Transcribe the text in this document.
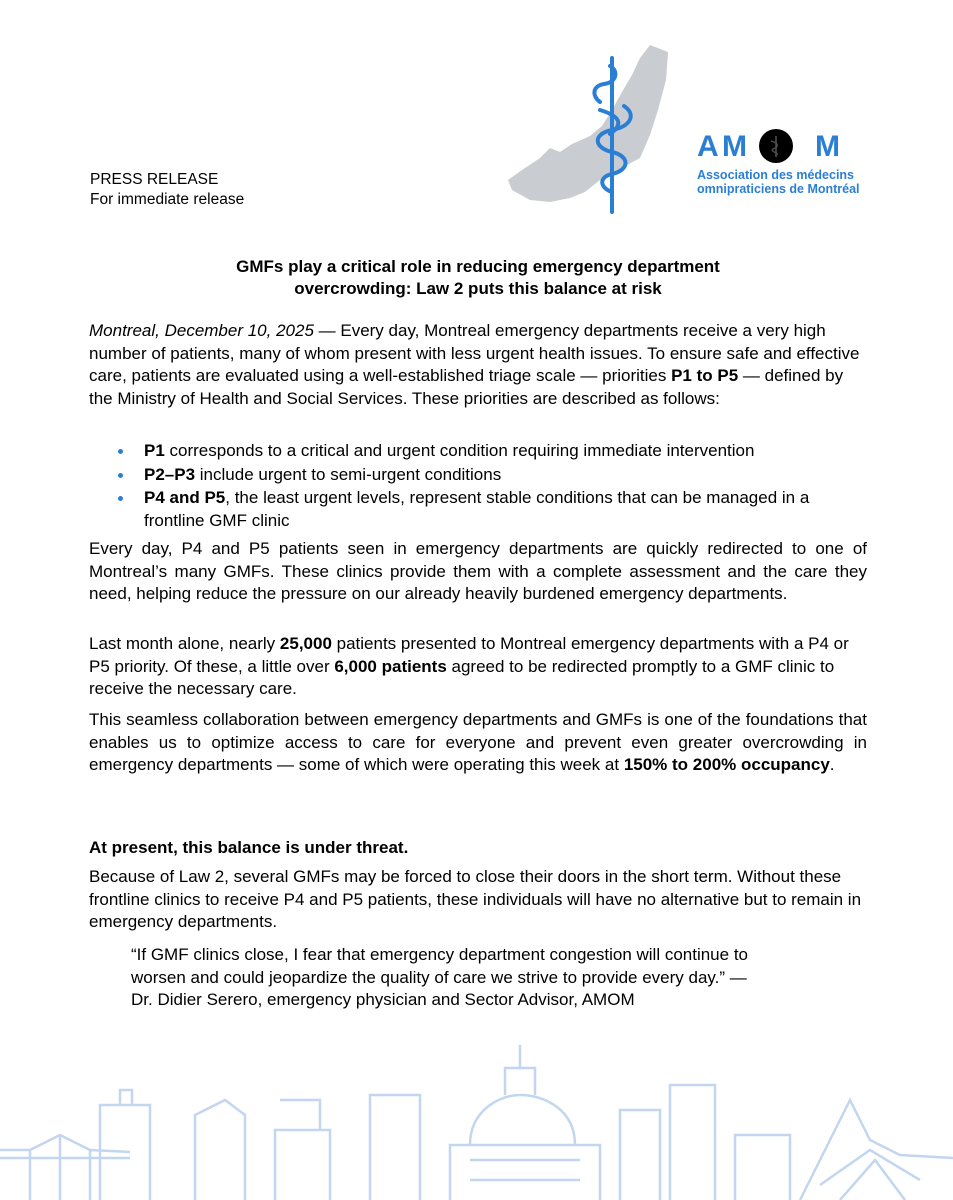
A M M
Association des médecins
omnipraticiens de Montréal
PRESS RELEASE
For immediate release
GMFs play a critical role in reducing emergency department
overcrowding: Law 2 puts this balance at risk

Montreal, December 10, 2025 — Every day, Montreal emergency departments receive a very high number of patients, many of whom present with less urgent health issues. To ensure safe and effective care, patients are evaluated using a well-established triage scale — priorities P1 to P5 — defined by the Ministry of Health and Social Services. These priorities are described as follows:

P1 corresponds to a critical and urgent condition requiring immediate intervention
P2–P3 include urgent to semi-urgent conditions
P4 and P5, the least urgent levels, represent stable conditions that can be managed in a frontline GMF clinic

Every day, P4 and P5 patients seen in emergency departments are quickly redirected to one of Montreal’s many GMFs. These clinics provide them with a complete assessment and the care they need, helping reduce the pressure on our already heavily burdened emergency departments.

Last month alone, nearly 25,000 patients presented to Montreal emergency departments with a P4 or P5 priority. Of these, a little over 6,000 patients agreed to be redirected promptly to a GMF clinic to receive the necessary care.

This seamless collaboration between emergency departments and GMFs is one of the foundations that enables us to optimize access to care for everyone and prevent even greater overcrowding in emergency departments — some of which were operating this week at 150% to 200% occupancy.

At present, this balance is under threat.

Because of Law 2, several GMFs may be forced to close their doors in the short term. Without these frontline clinics to receive P4 and P5 patients, these individuals will have no alternative but to remain in emergency departments.

“If GMF clinics close, I fear that emergency department congestion will continue to
worsen and could jeopardize the quality of care we strive to provide every day.” —
Dr. Didier Serero, emergency physician and Sector Advisor, AMOM
